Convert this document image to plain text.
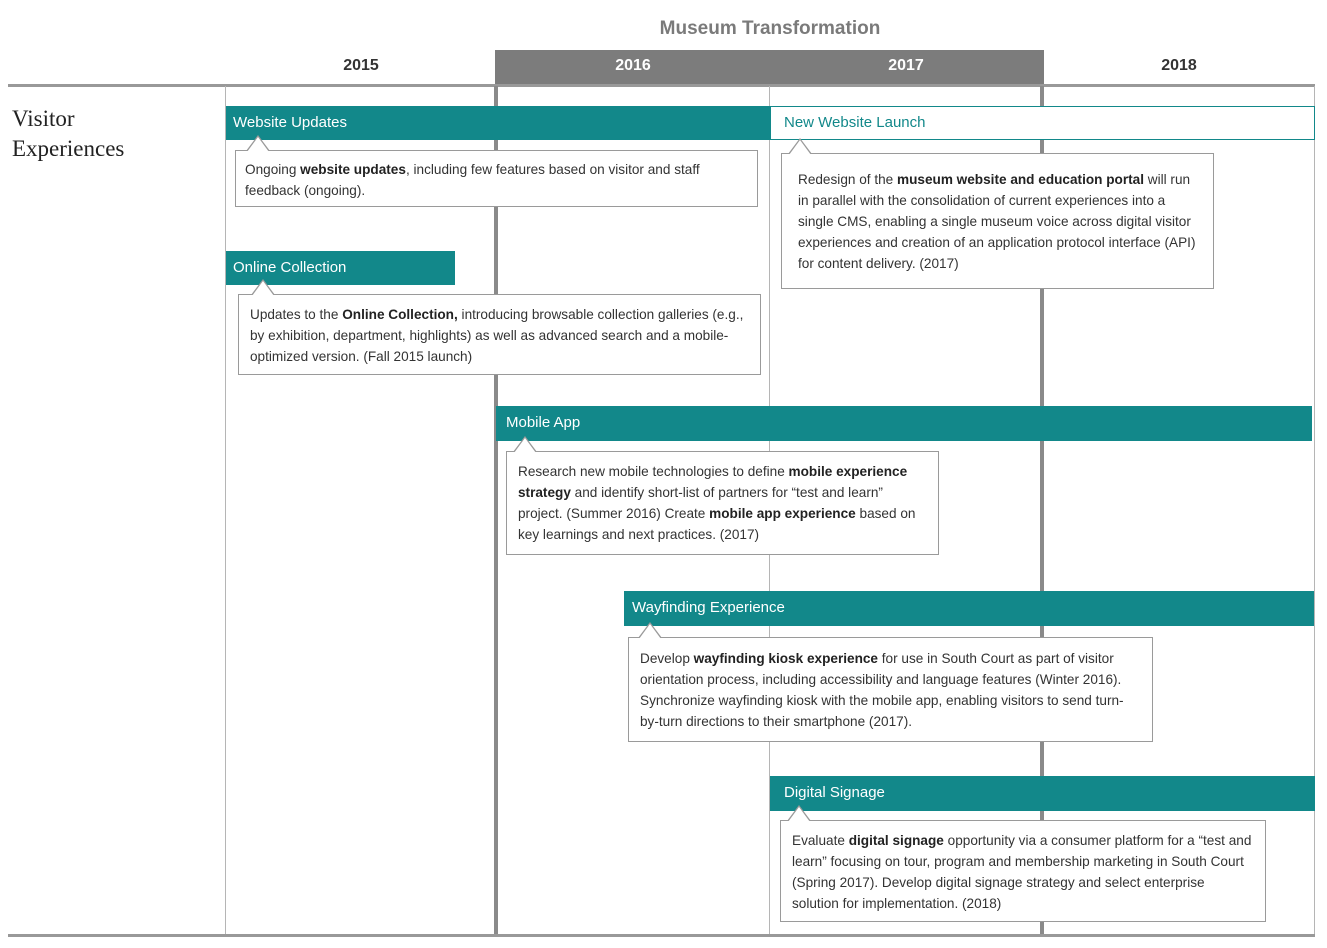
Museum Transformation
2015	2016	2017	2018
Visitor
Experiences
Website Updates
Ongoing website updates, including few features based on visitor and staff feedback (ongoing).
New Website Launch
Redesign of the museum website and education portal will run in parallel with the consolidation of current experiences into a single CMS, enabling a single museum voice across digital visitor experiences and creation of an application protocol interface (API) for content delivery. (2017)
Online Collection
Updates to the Online Collection, introducing browsable collection galleries (e.g., by exhibition, department, highlights) as well as advanced search and a mobile-optimized version. (Fall 2015 launch)
Mobile App
Research new mobile technologies to define mobile experience strategy and identify short-list of partners for “test and learn” project. (Summer 2016) Create mobile app experience based on key learnings and next practices. (2017)
Wayfinding Experience
Develop wayfinding kiosk experience for use in South Court as part of visitor orientation process, including accessibility and language features (Winter 2016). Synchronize wayfinding kiosk with the mobile app, enabling visitors to send turn-by-turn directions to their smartphone (2017).
Digital Signage
Evaluate digital signage opportunity via a consumer platform for a “test and learn” focusing on tour, program and membership marketing in South Court (Spring 2017). Develop digital signage strategy and select enterprise solution for implementation. (2018)
